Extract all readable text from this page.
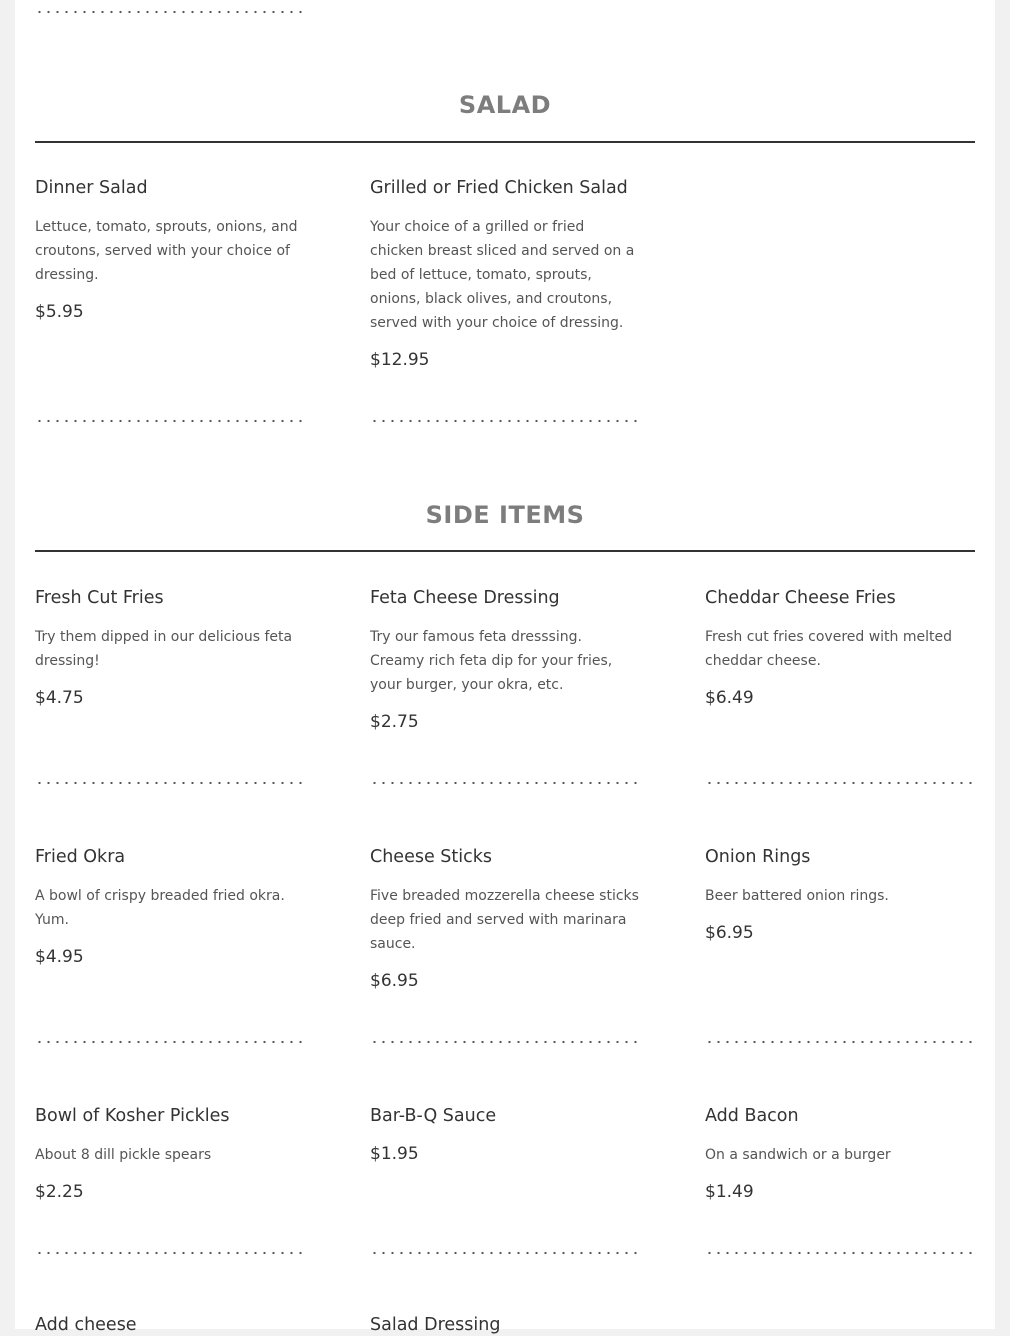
SALAD

Dinner Salad

Lettuce, tomato, sprouts, onions, and croutons, served with your choice of dressing.

$5.95

Grilled or Fried Chicken Salad

Your choice of a grilled or fried chicken breast sliced and served on a bed of lettuce, tomato, sprouts, onions, black olives, and croutons, served with your choice of dressing.

$12.95

SIDE ITEMS

Fresh Cut Fries

Try them dipped in our delicious feta dressing!

$4.75

Feta Cheese Dressing

Try our famous feta dresssing. Creamy rich feta dip for your fries, your burger, your okra, etc.

$2.75

Cheddar Cheese Fries

Fresh cut fries covered with melted cheddar cheese.

$6.49

Fried Okra

A bowl of crispy breaded fried okra. Yum.

$4.95

Cheese Sticks

Five breaded mozzerella cheese sticks deep fried and served with marinara sauce.

$6.95

Onion Rings

Beer battered onion rings.

$6.95

Bowl of Kosher Pickles

About 8 dill pickle spears

$2.25

Bar-B-Q Sauce

$1.95

Add Bacon

On a sandwich or a burger

$1.49

Add cheese	Salad Dressing
